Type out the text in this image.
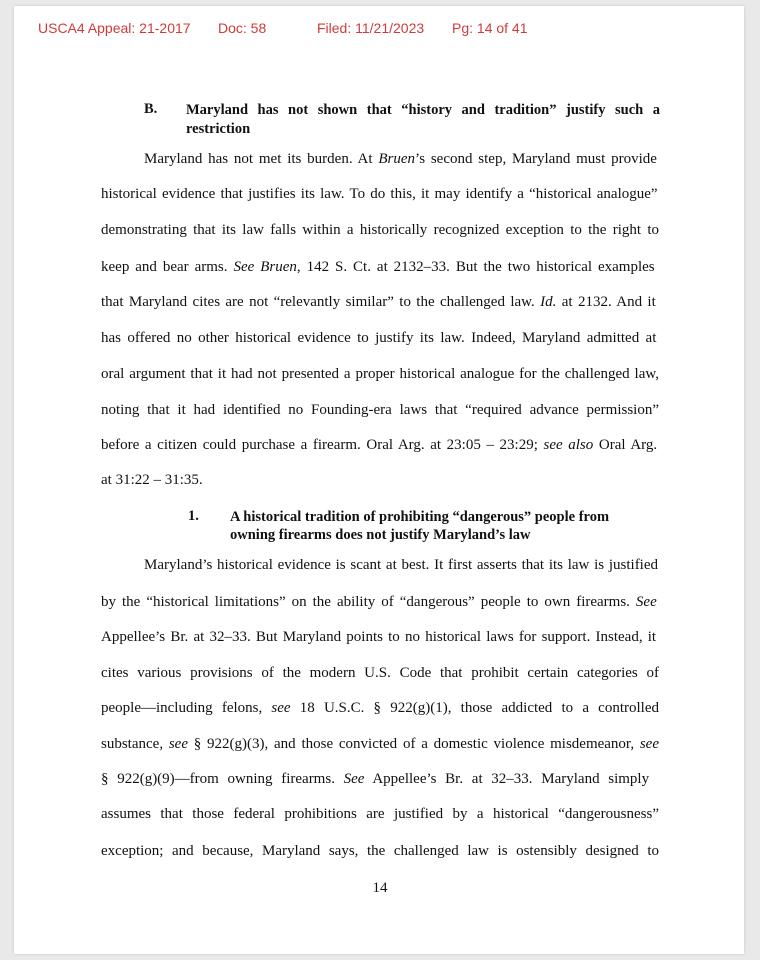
USCA4 Appeal: 21-2017 Doc: 58	Filed: 11/21/2023 Pg: 14 of 41
B. Maryland has not shown that “history and tradition” justify such a restriction
Maryland has not met its burden. At Bruen’s second step, Maryland must provide
historical evidence that justifies its law. To do this, it may identify a “historical analogue”
demonstrating that its law falls within a historically recognized exception to the right to
keep and bear arms. See Bruen, 142 S. Ct. at 2132–33. But the two historical examples
that Maryland cites are not “relevantly similar” to the challenged law. Id. at 2132. And it
has offered no other historical evidence to justify its law. Indeed, Maryland admitted at
oral argument that it had not presented a proper historical analogue for the challenged law,
noting that it had identified no Founding-era laws that “required advance permission”
before a citizen could purchase a firearm. Oral Arg. at 23:05 – 23:29; see also Oral Arg.
at 31:22 – 31:35.
1. A historical tradition of prohibiting “dangerous” people from
owning firearms does not justify Maryland’s law
Maryland’s historical evidence is scant at best. It first asserts that its law is justified
by the “historical limitations” on the ability of “dangerous” people to own firearms. See
Appellee’s Br. at 32–33. But Maryland points to no historical laws for support. Instead, it
cites various provisions of the modern U.S. Code that prohibit certain categories of
people—including felons, see 18 U.S.C. § 922(g)(1), those addicted to a controlled
substance, see § 922(g)(3), and those convicted of a domestic violence misdemeanor, see
§ 922(g)(9)—from owning firearms. See Appellee’s Br. at 32–33. Maryland simply
assumes that those federal prohibitions are justified by a historical “dangerousness”
exception; and because, Maryland says, the challenged law is ostensibly designed to
14
